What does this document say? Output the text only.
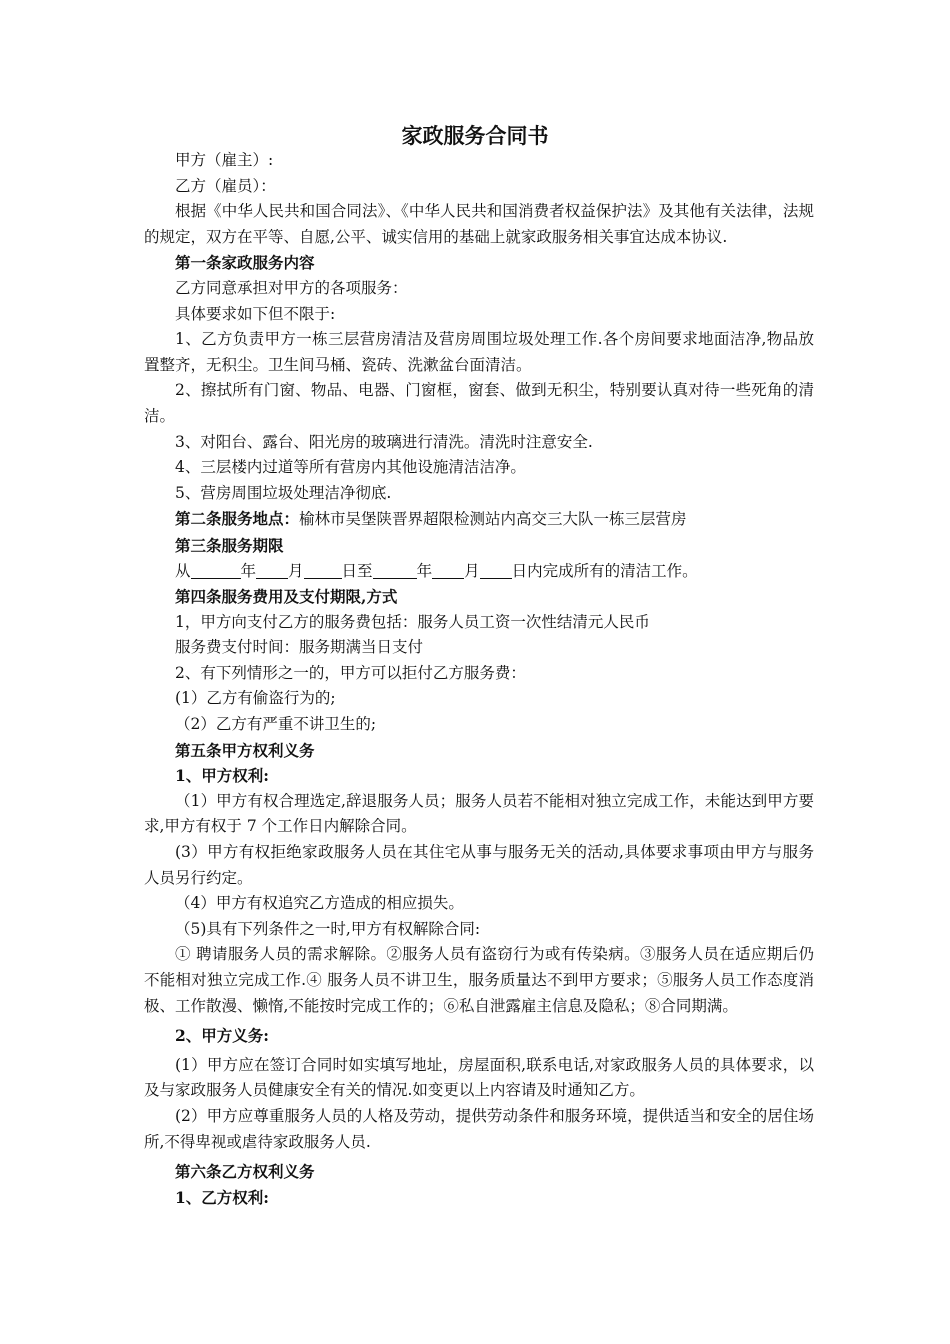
家政服务合同书

甲方（雇主）:

乙方（雇员）：

根据《中华人民共和国合同法》、《中华人民共和国消费者权益保护法》及其他有关法律，法规的规定，双方在平等、自愿,公平、诚实信用的基础上就家政服务相关事宜达成本协议.

第一条家政服务内容

乙方同意承担对甲方的各项服务：

具体要求如下但不限于:

1、乙方负责甲方一栋三层营房清洁及营房周围垃圾处理工作.各个房间要求地面洁净,物品放置整齐，无积尘。卫生间马桶、瓷砖、洗漱盆台面清洁。

2、擦拭所有门窗、物品、电器、门窗框，窗套、做到无积尘，特别要认真对待一些死角的清洁。

3、对阳台、露台、阳光房的玻璃进行清洗。清洗时注意安全.

4、三层楼内过道等所有营房内其他设施清洁洁净。

5、营房周围垃圾处理洁净彻底.

第二条服务地点：榆林市吴堡陕晋界超限检测站内高交三大队一栋三层营房

第三条服务期限

从	年 月 日至	年 月 日内完成所有的清洁工作。

第四条服务费用及支付期限,方式

1，甲方向支付乙方的服务费包括：服务人员工资一次性结清元人民币

服务费支付时间：服务期满当日支付

2、有下列情形之一的，甲方可以拒付乙方服务费：

(1）乙方有偷盗行为的;

（2）乙方有严重不讲卫生的;

第五条甲方权利义务

1、甲方权利:

（1）甲方有权合理选定,辞退服务人员；服务人员若不能相对独立完成工作，未能达到甲方要求,甲方有权于 7 个工作日内解除合同。

(3）甲方有权拒绝家政服务人员在其住宅从事与服务无关的活动,具体要求事项由甲方与服务人员另行约定。

（4）甲方有权追究乙方造成的相应损失。

（5)具有下列条件之一时,甲方有权解除合同:

① 聘请服务人员的需求解除。②服务人员有盗窃行为或有传染病。③服务人员在适应期后仍不能相对独立完成工作.④ 服务人员不讲卫生，服务质量达不到甲方要求；⑤服务人员工作态度消极、工作散漫、懒惰,不能按时完成工作的；⑥私自泄露雇主信息及隐私；⑧合同期满。

2、甲方义务:

(1）甲方应在签订合同时如实填写地址，房屋面积,联系电话,对家政服务人员的具体要求，以及与家政服务人员健康安全有关的情况.如变更以上内容请及时通知乙方。

(2）甲方应尊重服务人员的人格及劳动，提供劳动条件和服务环境，提供适当和安全的居住场所,不得卑视或虐待家政服务人员.

第六条乙方权利义务

1、乙方权利:
